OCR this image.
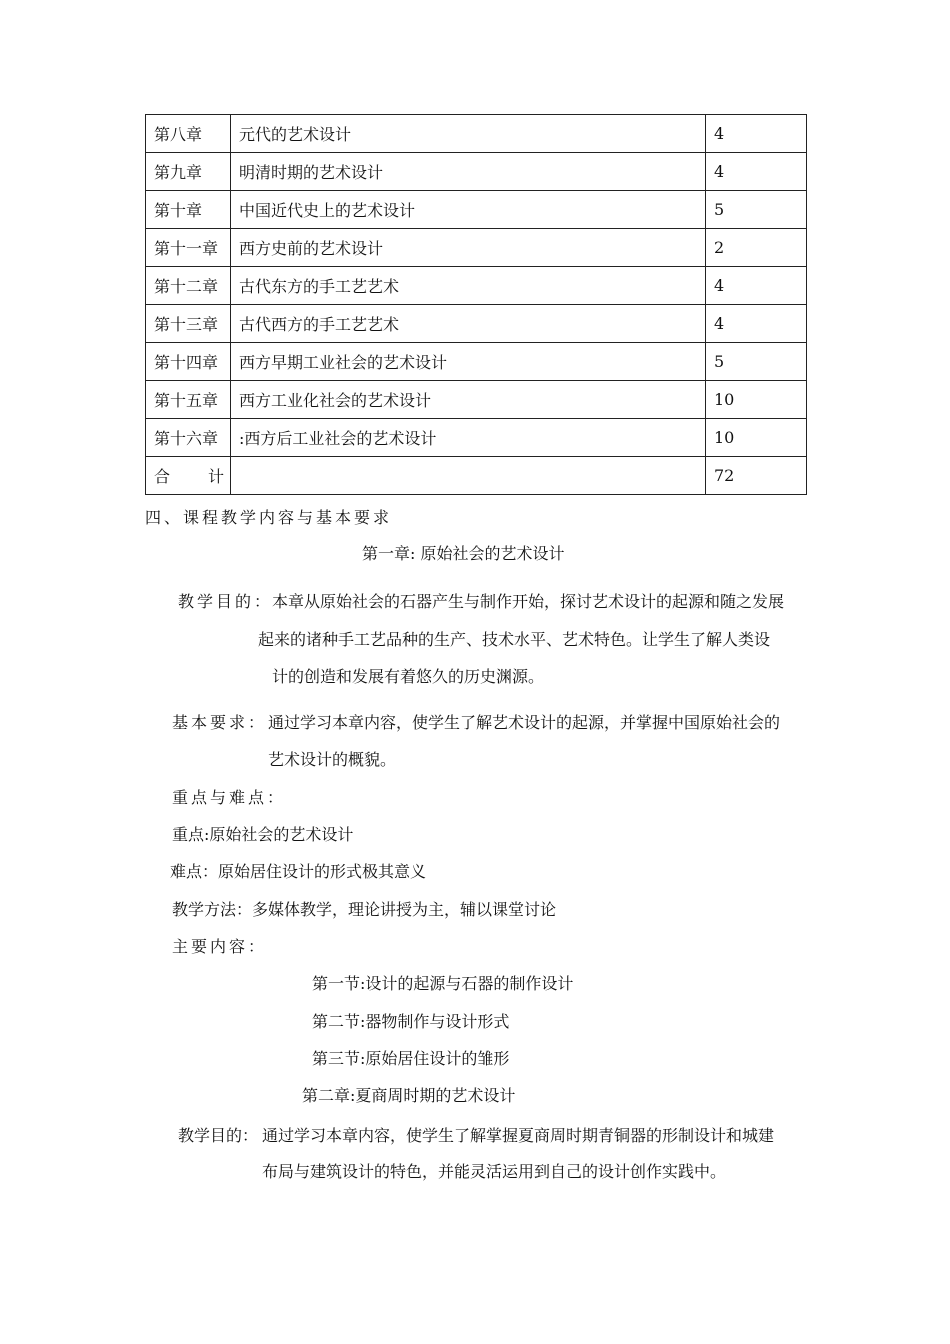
第八章	元代的艺术设计	4
第九章	明清时期的艺术设计	4
第十章	中国近代史上的艺术设计	5
第十一章	西方史前的艺术设计	2
第十二章	古代东方的手工艺艺术	4
第十三章	古代西方的手工艺艺术	4
第十四章	西方早期工业社会的艺术设计	5
第十五章	西方工业化社会的艺术设计	10
第十六章	:西方后工业社会的艺术设计	10
合　　计		72
四、课程教学内容与基本要求
第一章: 原始社会的艺术设计
教学目的：
本章从原始社会的石器产生与制作开始，探讨艺术设计的起源和随之发展
起来的诸种手工艺品种的生产、技术水平、艺术特色。让学生了解人类设
计的创造和发展有着悠久的历史渊源。
基本要求： 通过学习本章内容，使学生了解艺术设计的起源，并掌握中国原始社会的
艺术设计的概貌。
重点与难点：
重点:原始社会的艺术设计
难点：原始居住设计的形式极其意义
教学方法：多媒体教学，理论讲授为主，辅以课堂讨论
主要内容：
第一节:设计的起源与石器的制作设计
第二节:器物制作与设计形式
第三节:原始居住设计的雏形
第二章:夏商周时期的艺术设计
教学目的： 通过学习本章内容，使学生了解掌握夏商周时期青铜器的形制设计和城建
布局与建筑设计的特色，并能灵活运用到自己的设计创作实践中。
